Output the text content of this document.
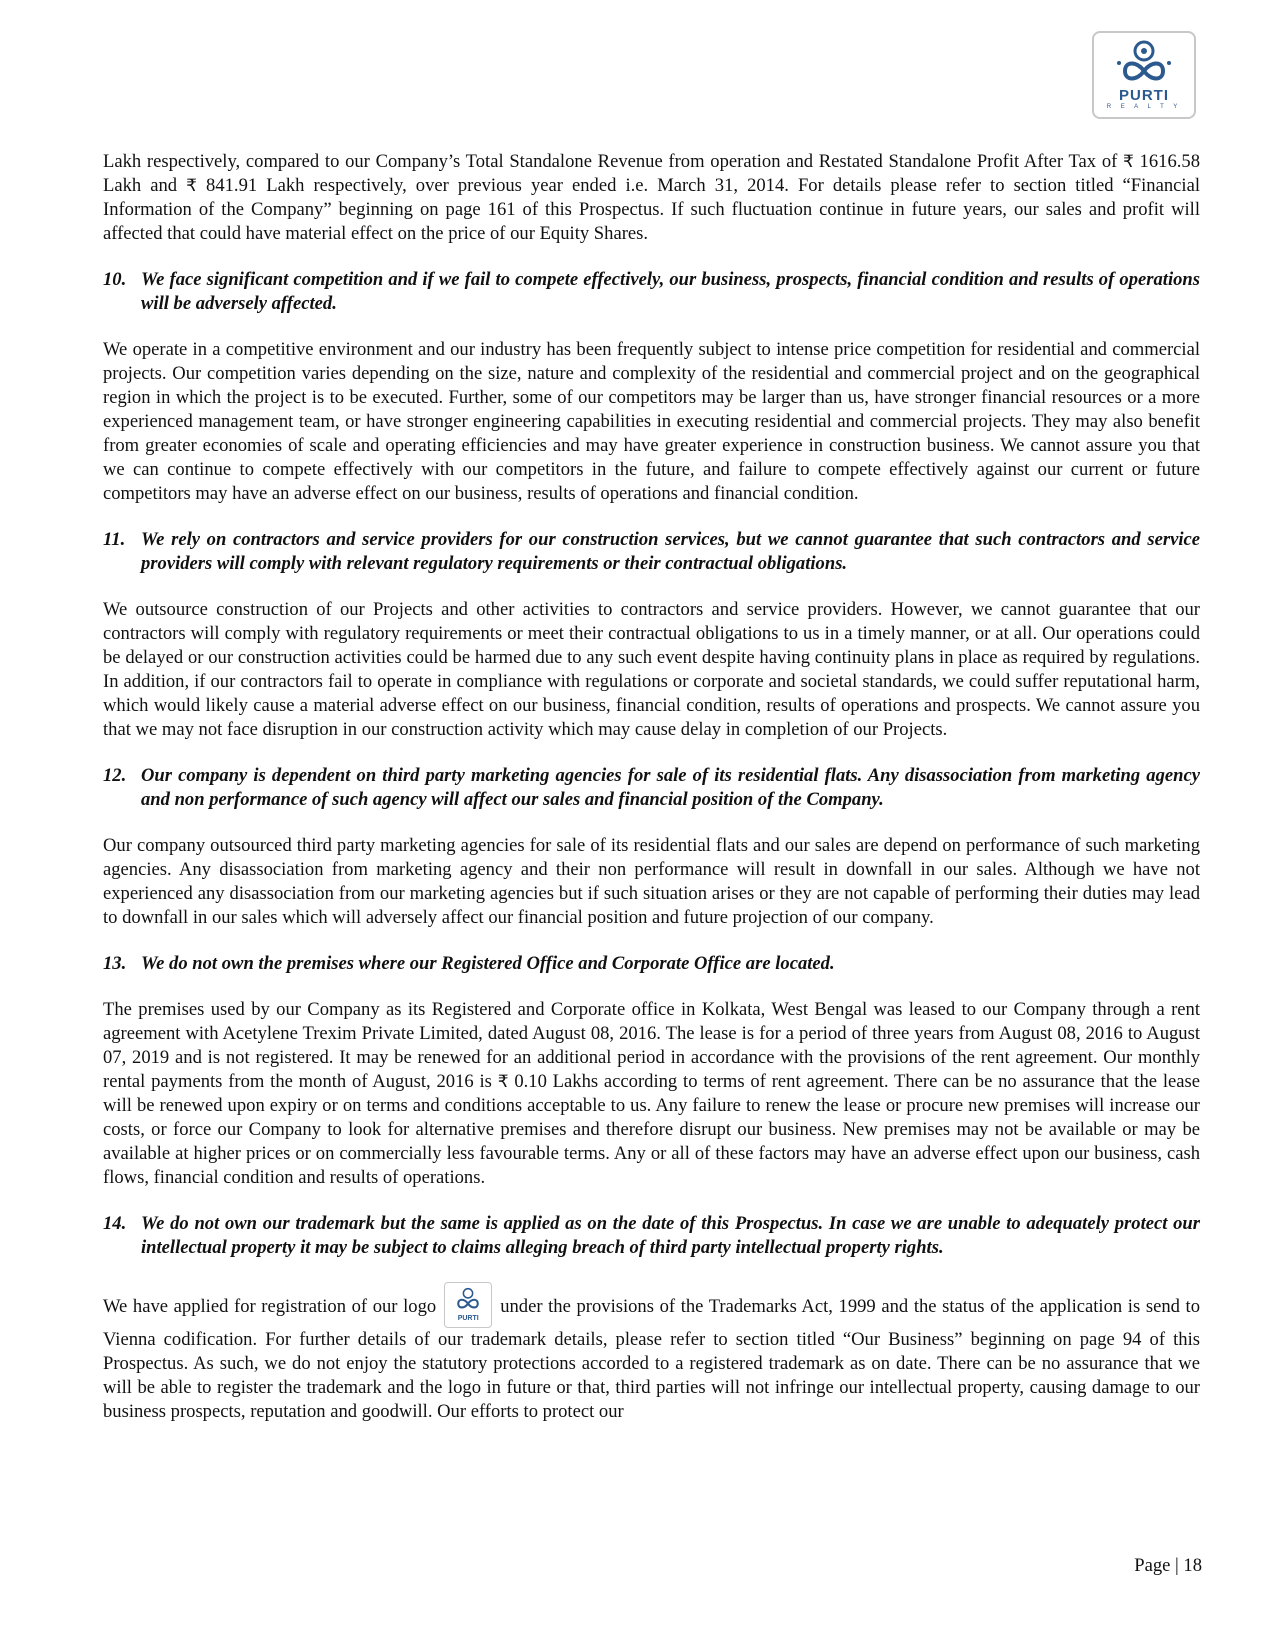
PURTI
R E A L T Y

Lakh respectively, compared to our Company’s Total Standalone Revenue from operation and Restated Standalone Profit After Tax of ₹ 1616.58 Lakh and ₹ 841.91 Lakh respectively, over previous year ended i.e. March 31, 2014. For details please refer to section titled “Financial Information of the Company” beginning on page 161 of this Prospectus. If such fluctuation continue in future years, our sales and profit will affected that could have material effect on the price of our Equity Shares.

10. We face significant competition and if we fail to compete effectively, our business, prospects, financial condition and results of operations will be adversely affected.

We operate in a competitive environment and our industry has been frequently subject to intense price competition for residential and commercial projects. Our competition varies depending on the size, nature and complexity of the residential and commercial project and on the geographical region in which the project is to be executed. Further, some of our competitors may be larger than us, have stronger financial resources or a more experienced management team, or have stronger engineering capabilities in executing residential and commercial projects. They may also benefit from greater economies of scale and operating efficiencies and may have greater experience in construction business. We cannot assure you that we can continue to compete effectively with our competitors in the future, and failure to compete effectively against our current or future competitors may have an adverse effect on our business, results of operations and financial condition.

11. We rely on contractors and service providers for our construction services, but we cannot guarantee that such contractors and service providers will comply with relevant regulatory requirements or their contractual obligations.

We outsource construction of our Projects and other activities to contractors and service providers. However, we cannot guarantee that our contractors will comply with regulatory requirements or meet their contractual obligations to us in a timely manner, or at all. Our operations could be delayed or our construction activities could be harmed due to any such event despite having continuity plans in place as required by regulations. In addition, if our contractors fail to operate in compliance with regulations or corporate and societal standards, we could suffer reputational harm, which would likely cause a material adverse effect on our business, financial condition, results of operations and prospects. We cannot assure you that we may not face disruption in our construction activity which may cause delay in completion of our Projects.

12. Our company is dependent on third party marketing agencies for sale of its residential flats. Any disassociation from marketing agency and non performance of such agency will affect our sales and financial position of the Company.

Our company outsourced third party marketing agencies for sale of its residential flats and our sales are depend on performance of such marketing agencies. Any disassociation from marketing agency and their non performance will result in downfall in our sales. Although we have not experienced any disassociation from our marketing agencies but if such situation arises or they are not capable of performing their duties may lead to downfall in our sales which will adversely affect our financial position and future projection of our company.

13. We do not own the premises where our Registered Office and Corporate Office are located.

The premises used by our Company as its Registered and Corporate office in Kolkata, West Bengal was leased to our Company through a rent agreement with Acetylene Trexim Private Limited, dated August 08, 2016. The lease is for a period of three years from August 08, 2016 to August 07, 2019 and is not registered. It may be renewed for an additional period in accordance with the provisions of the rent agreement. Our monthly rental payments from the month of August, 2016 is ₹ 0.10 Lakhs according to terms of rent agreement. There can be no assurance that the lease will be renewed upon expiry or on terms and conditions acceptable to us. Any failure to renew the lease or procure new premises will increase our costs, or force our Company to look for alternative premises and therefore disrupt our business. New premises may not be available or may be available at higher prices or on commercially less favourable terms. Any or all of these factors may have an adverse effect upon our business, cash flows, financial condition and results of operations.

14. We do not own our trademark but the same is applied as on the date of this Prospectus. In case we are unable to adequately protect our intellectual property it may be subject to claims alleging breach of third party intellectual property rights.

We have applied for registration of our logo
PURTI
under the provisions of the Trademarks Act, 1999 and the status of the application is send to Vienna codification. For further details of our trademark details, please refer to section titled “Our Business” beginning on page 94 of this Prospectus. As such, we do not enjoy the statutory protections accorded to a registered trademark as on date. There can be no assurance that we will be able to register the trademark and the logo in future or that, third parties will not infringe our intellectual property, causing damage to our business prospects, reputation and goodwill. Our efforts to protect our

Page | 18
